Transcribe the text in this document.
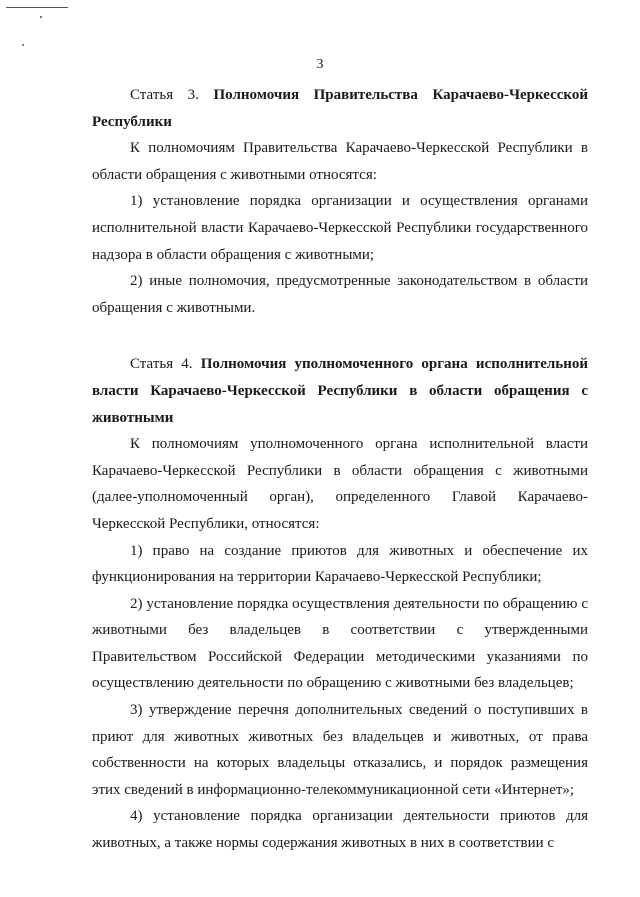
3

Статья 3. Полномочия Правительства Карачаево-Черкесской Республики

К полномочиям Правительства Карачаево-Черкесской Республики в области обращения с животными относятся:

1) установление порядка организации и осуществления органами исполнительной власти Карачаево-Черкесской Республики государственного надзора в области обращения с животными;

2) иные полномочия, предусмотренные законодательством в области обращения с животными.

Статья 4. Полномочия уполномоченного органа исполнительной власти Карачаево-Черкесской Республики в области обращения с животными

К полномочиям уполномоченного органа исполнительной власти Карачаево-Черкесской Республики в области обращения с животными (далее-уполномоченный орган), определенного Главой Карачаево-Черкесской Республики, относятся:

1) право на создание приютов для животных и обеспечение их функционирования на территории Карачаево-Черкесской Республики;

2) установление порядка осуществления деятельности по обращению с животными без владельцев в соответствии с утвержденными Правительством Российской Федерации методическими указаниями по осуществлению деятельности по обращению с животными без владельцев;

3) утверждение перечня дополнительных сведений о поступивших в приют для животных животных без владельцев и животных, от права собственности на которых владельцы отказались, и порядок размещения этих сведений в информационно-телекоммуникационной сети «Интернет»;

4) установление порядка организации деятельности приютов для животных, а также нормы содержания животных в них в соответствии с
